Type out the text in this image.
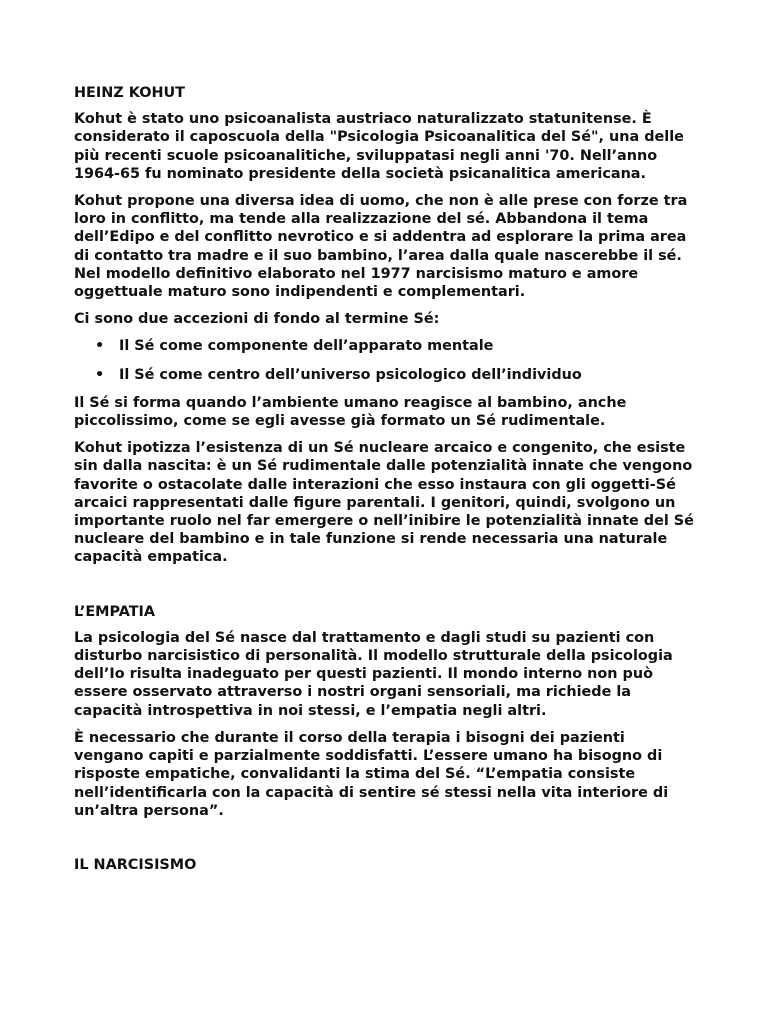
HEINZ KOHUT

Kohut è stato uno psicoanalista austriaco naturalizzato statunitense. È considerato il caposcuola della "Psicologia Psicoanalitica del Sé", una delle più recenti scuole psicoanalitiche, sviluppatasi negli anni '70. Nell’anno 1964-65 fu nominato presidente della società psicanalitica americana.

Kohut propone una diversa idea di uomo, che non è alle prese con forze tra loro in conflitto, ma tende alla realizzazione del sé. Abbandona il tema dell’Edipo e del conflitto nevrotico e si addentra ad esplorare la prima area di contatto tra madre e il suo bambino, l’area dalla quale nascerebbe il sé. Nel modello definitivo elaborato nel 1977 narcisismo maturo e amore oggettuale maturo sono indipendenti e complementari.

Ci sono due accezioni di fondo al termine Sé:

• Il Sé come componente dell’apparato mentale
• Il Sé come centro dell’universo psicologico dell’individuo

Il Sé si forma quando l’ambiente umano reagisce al bambino, anche piccolissimo, come se egli avesse già formato un Sé rudimentale.

Kohut ipotizza l’esistenza di un Sé nucleare arcaico e congenito, che esiste sin dalla nascita: è un Sé rudimentale dalle potenzialità innate che vengono favorite o ostacolate dalle interazioni che esso instaura con gli oggetti-Sé arcaici rappresentati dalle figure parentali. I genitori, quindi, svolgono un importante ruolo nel far emergere o nell’inibire le potenzialità innate del Sé nucleare del bambino e in tale funzione si rende necessaria una naturale capacità empatica.

L’EMPATIA

La psicologia del Sé nasce dal trattamento e dagli studi su pazienti con disturbo narcisistico di personalità. Il modello strutturale della psicologia dell’Io risulta inadeguato per questi pazienti. Il mondo interno non può essere osservato attraverso i nostri organi sensoriali, ma richiede la capacità introspettiva in noi stessi, e l’empatia negli altri.

È necessario che durante il corso della terapia i bisogni dei pazienti vengano capiti e parzialmente soddisfatti. L’essere umano ha bisogno di risposte empatiche, convalidanti la stima del Sé. “L’empatia consiste nell’identificarla con la capacità di sentire sé stessi nella vita interiore di un’altra persona”.

IL NARCISISMO
